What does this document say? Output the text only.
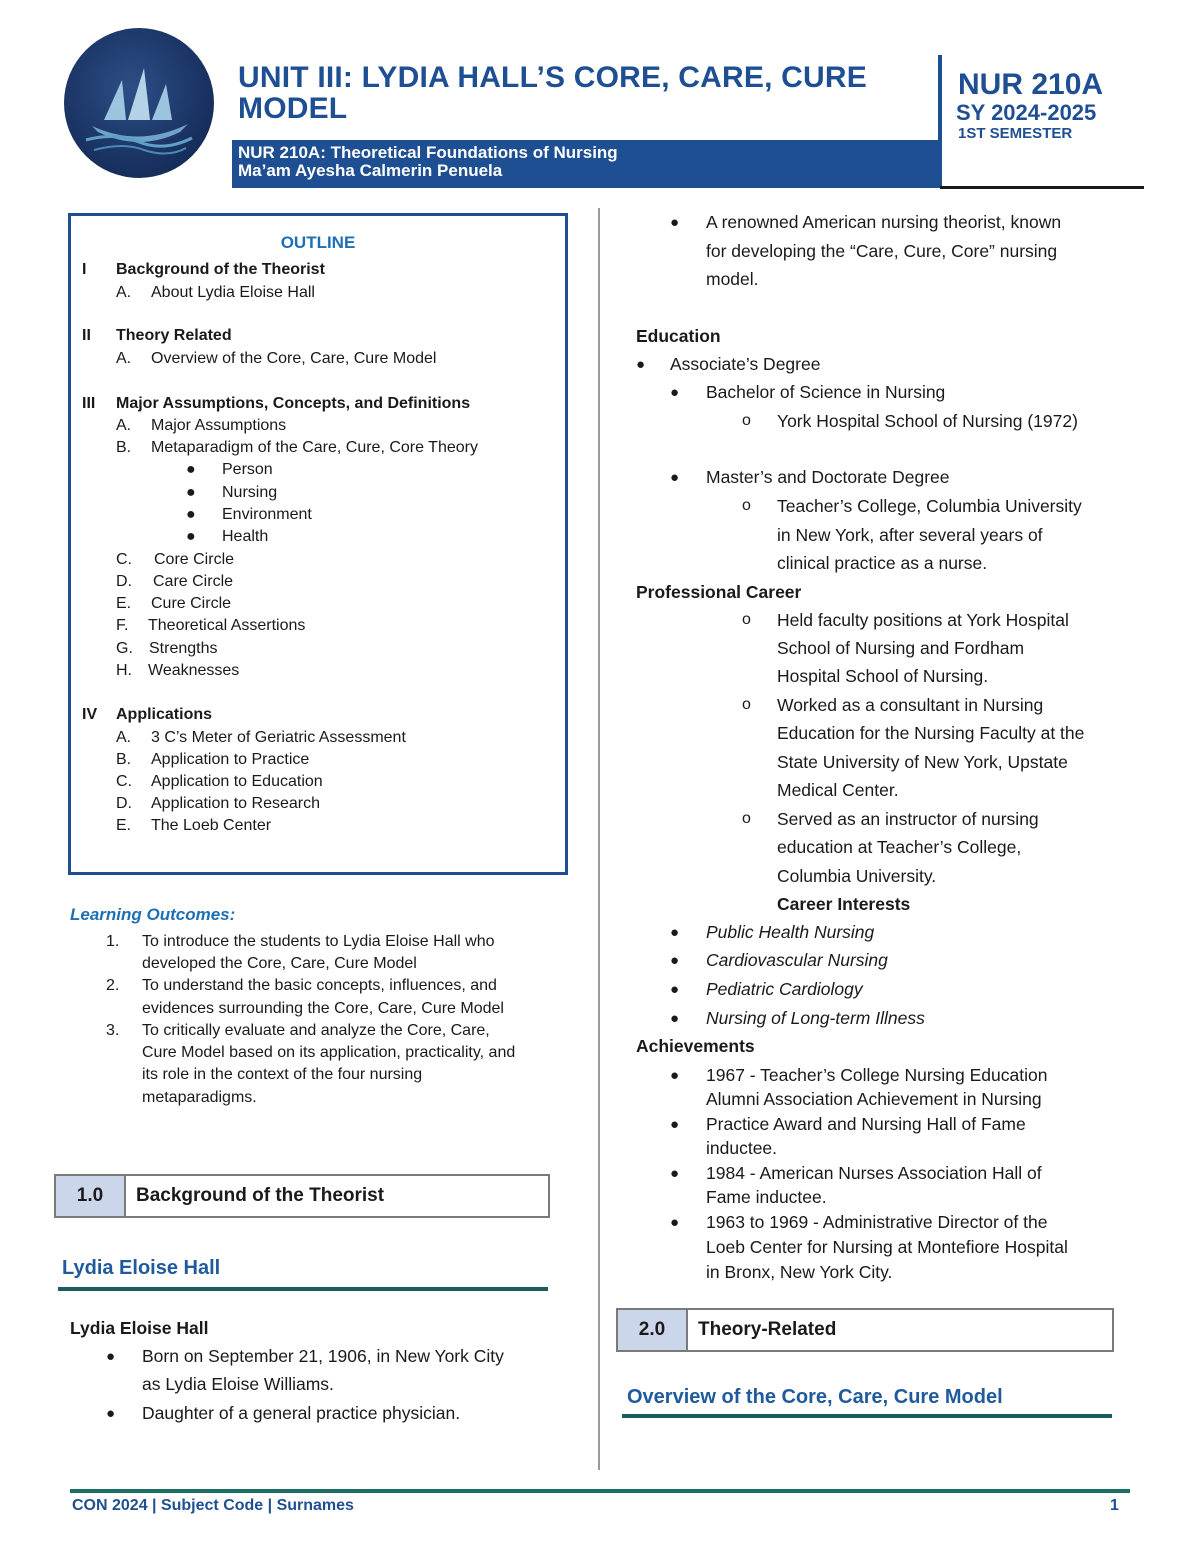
UNIT III: LYDIA HALL’S CORE, CARE, CURE
MODEL
NUR 210A: Theoretical Foundations of Nursing
Ma’am Ayesha Calmerin Penuela
NUR 210A
SY 2024-2025
1ST SEMESTER
OUTLINE
I Background of the Theorist
A. About Lydia Eloise Hall
II Theory Related
A. Overview of the Core, Care, Cure Model
III Major Assumptions, Concepts, and Definitions
A. Major Assumptions
B. Metaparadigm of the Care, Cure, Core Theory
● Person
● Nursing
● Environment
● Health
C. Core Circle
D. Care Circle
E. Cure Circle
F. Theoretical Assertions
G. Strengths
H. Weaknesses
IV Applications
A. 3 C’s Meter of Geriatric Assessment
B. Application to Practice
C. Application to Education
D. Application to Research
E. The Loeb Center
Learning Outcomes:
1. To introduce the students to Lydia Eloise Hall who
developed the Core, Care, Cure Model
2. To understand the basic concepts, influences, and
evidences surrounding the Core, Care, Cure Model
3. To critically evaluate and analyze the Core, Care,
Cure Model based on its application, practicality, and
its role in the context of the four nursing
metaparadigms.
1.0	Background of the Theorist
Lydia Eloise Hall
Lydia Eloise Hall
● Born on September 21, 1906, in New York City
as Lydia Eloise Williams.
● Daughter of a general practice physician.
● A renowned American nursing theorist, known
for developing the “Care, Cure, Core” nursing
model.
Education
● Associate’s Degree
● Bachelor of Science in Nursing
o York Hospital School of Nursing (1972)
● Master’s and Doctorate Degree
o Teacher’s College, Columbia University
in New York, after several years of
clinical practice as a nurse.
Professional Career
o Held faculty positions at York Hospital
School of Nursing and Fordham
Hospital School of Nursing.
o Worked as a consultant in Nursing
Education for the Nursing Faculty at the
State University of New York, Upstate
Medical Center.
o Served as an instructor of nursing
education at Teacher’s College,
Columbia University.
Career Interests
● Public Health Nursing
● Cardiovascular Nursing
● Pediatric Cardiology
● Nursing of Long-term Illness
Achievements
● 1967 - Teacher’s College Nursing Education
Alumni Association Achievement in Nursing
● Practice Award and Nursing Hall of Fame
inductee.
● 1984 - American Nurses Association Hall of
Fame inductee.
● 1963 to 1969 - Administrative Director of the
Loeb Center for Nursing at Montefiore Hospital
in Bronx, New York City.
2.0	Theory-Related
Overview of the Core, Care, Cure Model
CON 2024 | Subject Code | Surnames	1
